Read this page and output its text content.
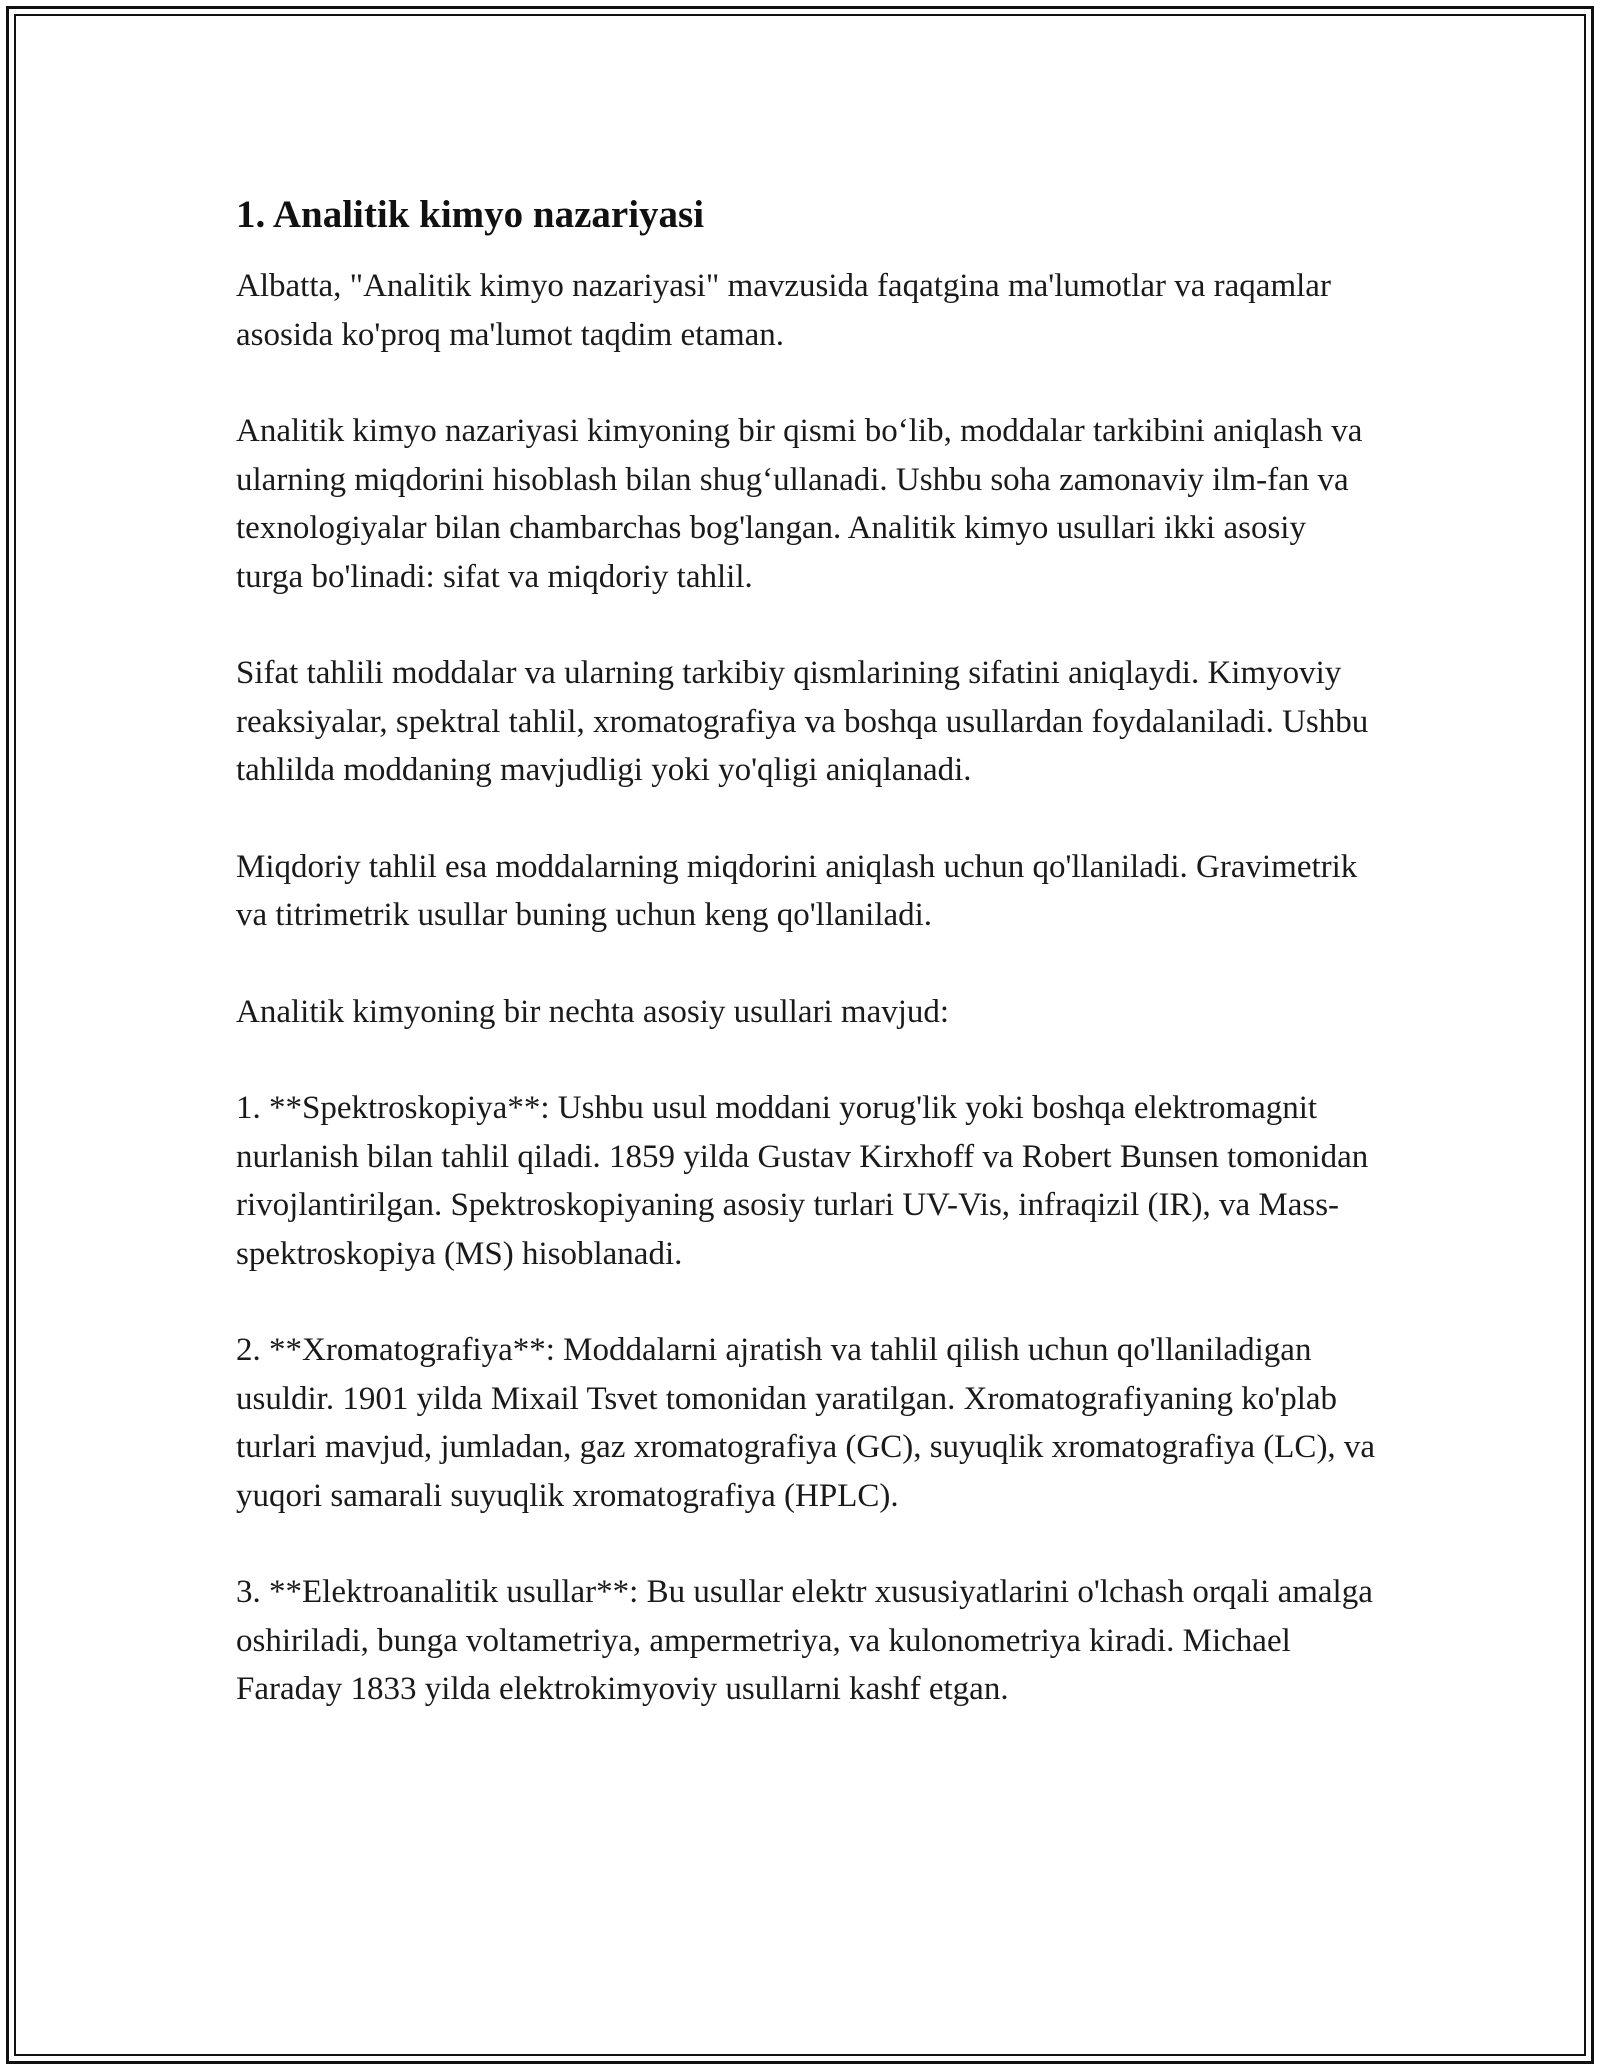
1. Analitik kimyo nazariyasi

Albatta, "Analitik kimyo nazariyasi" mavzusida faqatgina ma'lumotlar va raqamlar asosida ko'proq ma'lumot taqdim etaman.

Analitik kimyo nazariyasi kimyoning bir qismi boʻlib, moddalar tarkibini aniqlash va ularning miqdorini hisoblash bilan shugʻullanadi. Ushbu soha zamonaviy ilm-fan va texnologiyalar bilan chambarchas bog'langan. Analitik kimyo usullari ikki asosiy turga bo'linadi: sifat va miqdoriy tahlil.

Sifat tahlili moddalar va ularning tarkibiy qismlarining sifatini aniqlaydi. Kimyoviy reaksiyalar, spektral tahlil, xromatografiya va boshqa usullardan foydalaniladi. Ushbu tahlilda moddaning mavjudligi yoki yo'qligi aniqlanadi.

Miqdoriy tahlil esa moddalarning miqdorini aniqlash uchun qo'llaniladi. Gravimetrik va titrimetrik usullar buning uchun keng qo'llaniladi.

Analitik kimyoning bir nechta asosiy usullari mavjud:

1. **Spektroskopiya**: Ushbu usul moddani yorug'lik yoki boshqa elektromagnit nurlanish bilan tahlil qiladi. 1859 yilda Gustav Kirxhoff va Robert Bunsen tomonidan rivojlantirilgan. Spektroskopiyaning asosiy turlari UV-Vis, infraqizil (IR), va Mass-spektroskopiya (MS) hisoblanadi.

2. **Xromatografiya**: Moddalarni ajratish va tahlil qilish uchun qo'llaniladigan usuldir. 1901 yilda Mixail Tsvet tomonidan yaratilgan. Xromatografiyaning ko'plab turlari mavjud, jumladan, gaz xromatografiya (GC), suyuqlik xromatografiya (LC), va yuqori samarali suyuqlik xromatografiya (HPLC).

3. **Elektroanalitik usullar**: Bu usullar elektr xususiyatlarini o'lchash orqali amalga oshiriladi, bunga voltametriya, ampermetriya, va kulonometriya kiradi. Michael Faraday 1833 yilda elektrokimyoviy usullarni kashf etgan.
